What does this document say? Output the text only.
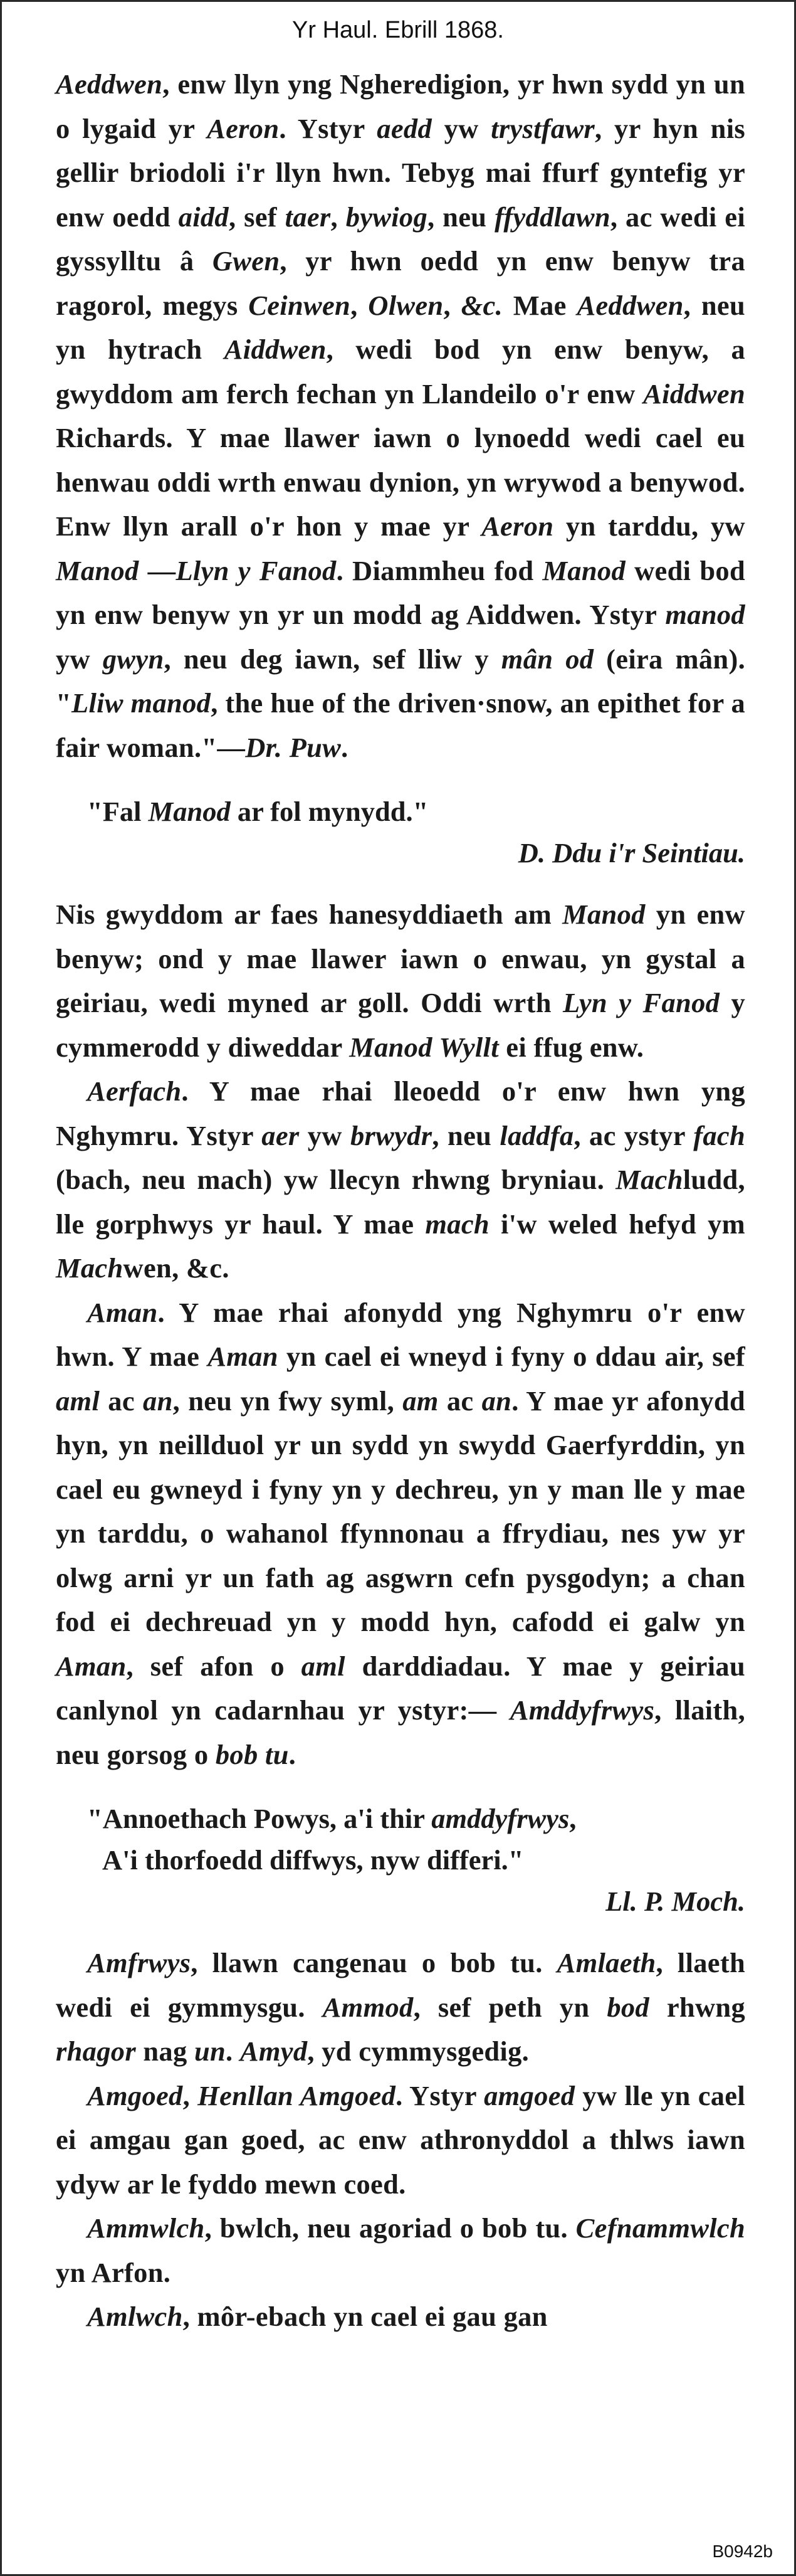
Yr Haul. Ebrill 1868.

Aeddwen, enw llyn yng Ngheredigion, yr hwn sydd yn un o lygaid yr Aeron. Ystyr aedd yw trystfawr, yr hyn nis gellir briodoli i'r llyn hwn. Tebyg mai ffurf gyntefig yr enw oedd aidd, sef taer, bywiog, neu ffyddlawn, ac wedi ei gyssylltu â Gwen, yr hwn oedd yn enw benyw tra ragorol, megys Ceinwen, Olwen, &c. Mae Aeddwen, neu yn hytrach Aiddwen, wedi bod yn enw benyw, a gwyddom am ferch fechan yn Llandeilo o'r enw Aiddwen Richards. Y mae llawer iawn o lynoedd wedi cael eu henwau oddi wrth enwau dynion, yn wrywod a benywod. Enw llyn arall o'r hon y mae yr Aeron yn tarddu, yw Manod —Llyn y Fanod. Diammheu fod Manod wedi bod yn enw benyw yn yr un modd ag Aiddwen. Ystyr manod yw gwyn, neu deg iawn, sef lliw y mân od (eira mân). "Lliw manod, the hue of the driven·snow, an epithet for a fair woman."—Dr. Puw.

"Fal Manod ar fol mynydd."
D. Ddu i'r Seintiau.

Nis gwyddom ar faes hanesyddiaeth am Manod yn enw benyw; ond y mae llawer iawn o enwau, yn gystal a geiriau, wedi myned ar goll. Oddi wrth Lyn y Fanod y cymmerodd y diweddar Manod Wyllt ei ffug enw.

Aerfach. Y mae rhai lleoedd o'r enw hwn yng Nghymru. Ystyr aer yw brwydr, neu laddfa, ac ystyr fach (bach, neu mach) yw llecyn rhwng bryniau. Machludd, lle gorphwys yr haul. Y mae mach i'w weled hefyd ym Machwen, &c.

Aman. Y mae rhai afonydd yng Nghymru o'r enw hwn. Y mae Aman yn cael ei wneyd i fyny o ddau air, sef aml ac an, neu yn fwy syml, am ac an. Y mae yr afonydd hyn, yn neillduol yr un sydd yn swydd Gaerfyrddin, yn cael eu gwneyd i fyny yn y dechreu, yn y man lle y mae yn tarddu, o wahanol ffynnonau a ffrydiau, nes yw yr olwg arni yr un fath ag asgwrn cefn pysgodyn; a chan fod ei dechreuad yn y modd hyn, cafodd ei galw yn Aman, sef afon o aml darddiadau. Y mae y geiriau canlynol yn cadarnhau yr ystyr:— Amddyfrwys, llaith, neu gorsog o bob tu.

"Annoethach Powys, a'i thir amddyfrwys,
A'i thorfoedd diffwys, nyw differi."
Ll. P. Moch.

Amfrwys, llawn cangenau o bob tu. Amlaeth, llaeth wedi ei gymmysgu. Ammod, sef peth yn bod rhwng rhagor nag un. Amyd, yd cymmysgedig.

Amgoed, Henllan Amgoed. Ystyr amgoed yw lle yn cael ei amgau gan goed, ac enw athronyddol a thlws iawn ydyw ar le fyddo mewn coed.

Ammwlch, bwlch, neu agoriad o bob tu. Cefnammwlch yn Arfon.

Amlwch, môr-ebach yn cael ei gau gan

B0942b
